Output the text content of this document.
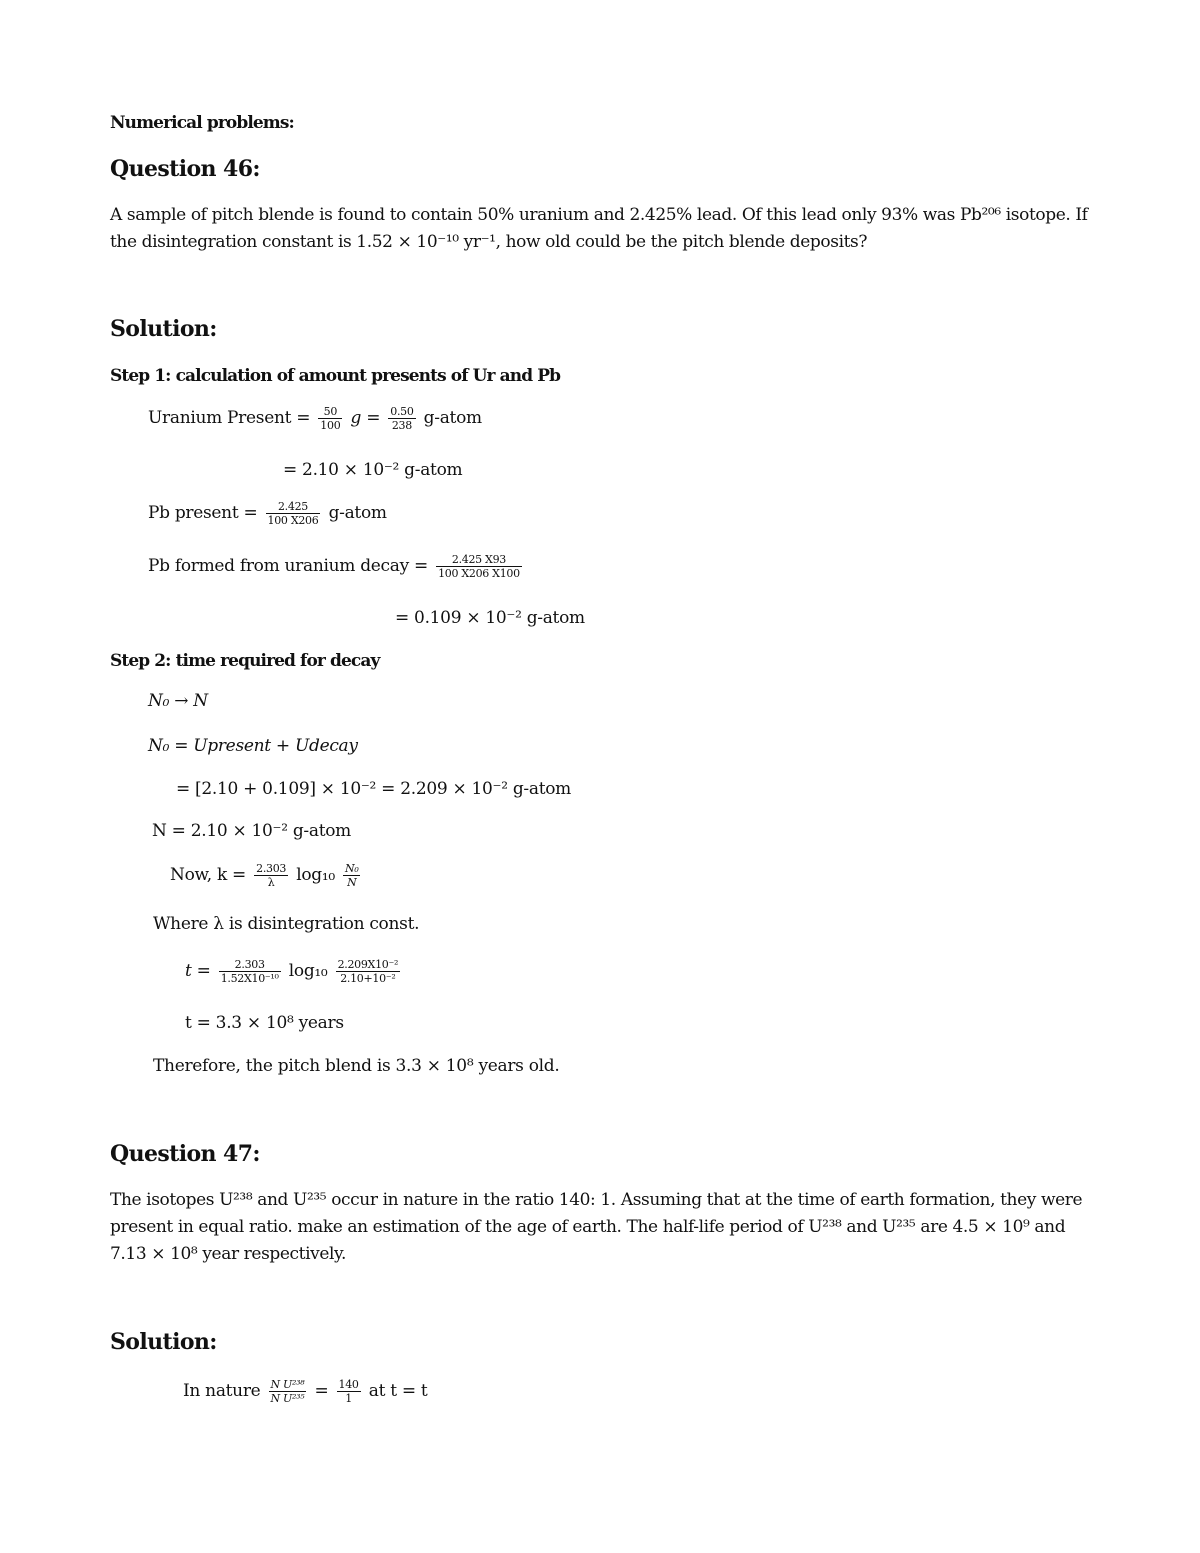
Numerical problems:
Question 46:
A sample of pitch blende is found to contain 50% uranium and 2.425% lead. Of this lead only 93% was Pb²⁰⁶ isotope. If the disintegration constant is 1.52 × 10⁻¹⁰ yr⁻¹, how old could be the pitch blende deposits?
Solution:
Step 1: calculation of amount presents of Ur and Pb
Uranium Present = $\frac{50}{100}$ $g = \frac{0.50}{238}$ g-atom
= 2.10 × 10⁻² g-atom
Pb present = $\frac{2.425}{100 X206}$ g-atom
Pb formed from uranium decay = $\frac{2.425 X93}{100 X206 X100}$
= 0.109 × 10⁻² g-atom
Step 2: time required for decay
N₀ → N
N₀ = Upresent + Udecay
= [2.10 + 0.109] × 10⁻² = 2.209 × 10⁻² g-atom
N = 2.10 × 10⁻² g-atom
Now, $k = \frac{2.303}{\lambda} \log_{10} \frac{\text{N₀}}{N}$
Where λ is disintegration const.
$t = \frac{2.303}{\text{1.52X10⁻¹⁰}} \log_{10} \frac{\text{2.209X10⁻²}}{\text{2.10+10⁻²}}$
t = 3.3 × 10⁸ years
Therefore, the pitch blend is 3.3 × 10⁸ years old.
Question 47:
The isotopes U²³⁸ and U²³⁵ occur in nature in the ratio 140: 1. Assuming that at the time of earth formation, they were present in equal ratio. make an estimation of the age of earth. The half-life period of U²³⁸ and U²³⁵ are 4.5 × 10⁹ and 7.13 × 10⁸ year respectively.
Solution:
In nature $\frac{\text{N U²³⁸}}{\text{N U²³⁵}} = \frac{140}{1}$ at t = t
